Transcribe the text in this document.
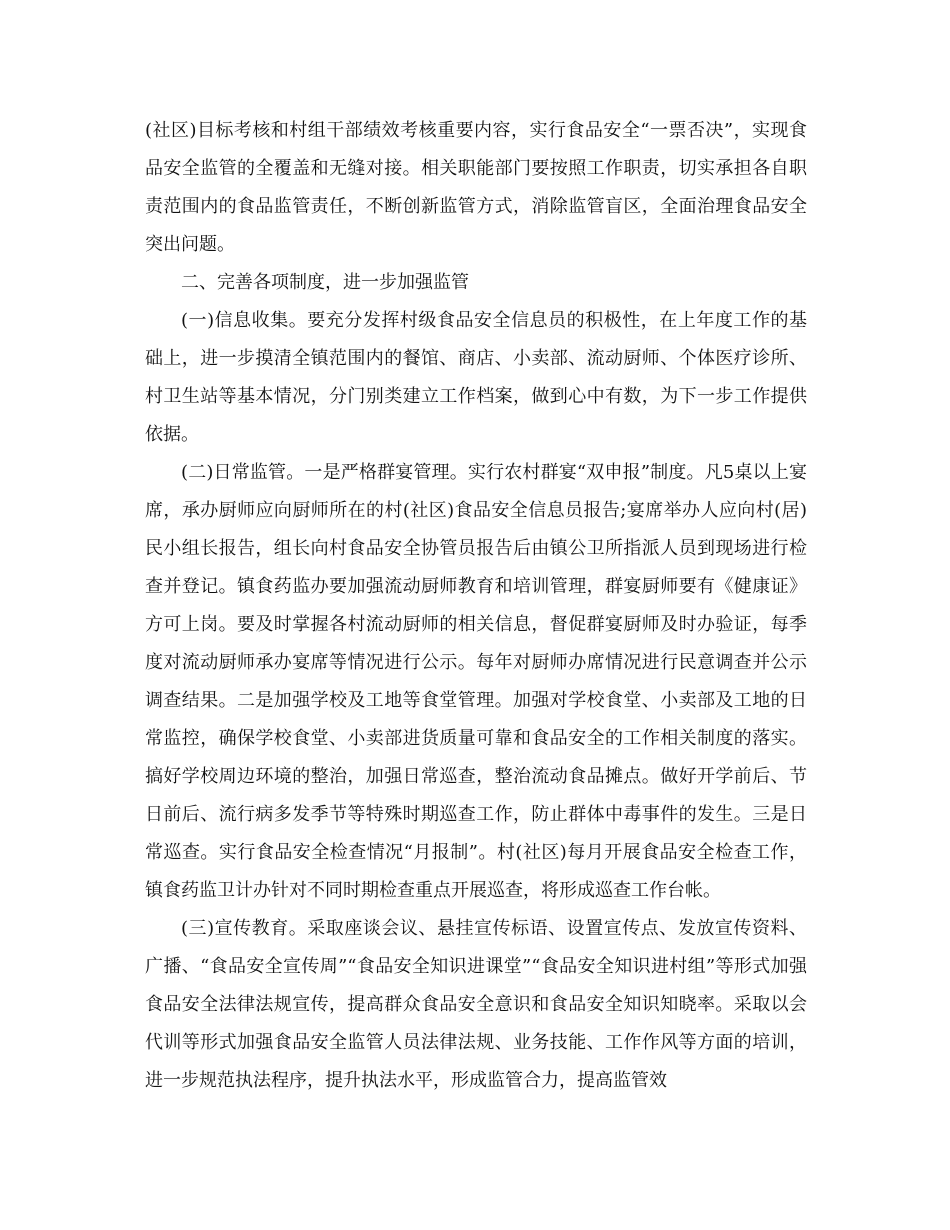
(社区)目标考核和村组干部绩效考核重要内容，实行食品安全“一票否决”，实现食品安全监管的全覆盖和无缝对接。相关职能部门要按照工作职责，切实承担各自职责范围内的食品监管责任，不断创新监管方式，消除监管盲区，全面治理食品安全突出问题。

二、完善各项制度，进一步加强监管

(一)信息收集。要充分发挥村级食品安全信息员的积极性，在上年度工作的基础上，进一步摸清全镇范围内的餐馆、商店、小卖部、流动厨师、个体医疗诊所、村卫生站等基本情况，分门别类建立工作档案，做到心中有数，为下一步工作提供依据。

(二)日常监管。一是严格群宴管理。实行农村群宴“双申报”制度。凡5桌以上宴席，承办厨师应向厨师所在的村(社区)食品安全信息员报告;宴席举办人应向村(居)民小组长报告，组长向村食品安全协管员报告后由镇公卫所指派人员到现场进行检查并登记。镇食药监办要加强流动厨师教育和培训管理，群宴厨师要有《健康证》方可上岗。要及时掌握各村流动厨师的相关信息，督促群宴厨师及时办验证，每季度对流动厨师承办宴席等情况进行公示。每年对厨师办席情况进行民意调查并公示调查结果。二是加强学校及工地等食堂管理。加强对学校食堂、小卖部及工地的日常监控，确保学校食堂、小卖部进货质量可靠和食品安全的工作相关制度的落实。搞好学校周边环境的整治，加强日常巡查，整治流动食品摊点。做好开学前后、节日前后、流行病多发季节等特殊时期巡查工作，防止群体中毒事件的发生。三是日常巡查。实行食品安全检查情况“月报制”。村(社区)每月开展食品安全检查工作，镇食药监卫计办针对不同时期检查重点开展巡查，将形成巡查工作台帐。

(三)宣传教育。采取座谈会议、悬挂宣传标语、设置宣传点、发放宣传资料、广播、“食品安全宣传周”“食品安全知识进课堂”“食品安全知识进村组”等形式加强食品安全法律法规宣传，提高群众食品安全意识和食品安全知识知晓率。采取以会代训等形式加强食品安全监管人员法律法规、业务技能、工作作风等方面的培训，进一步规范执法程序，提升执法水平，形成监管合力，提高监管效
